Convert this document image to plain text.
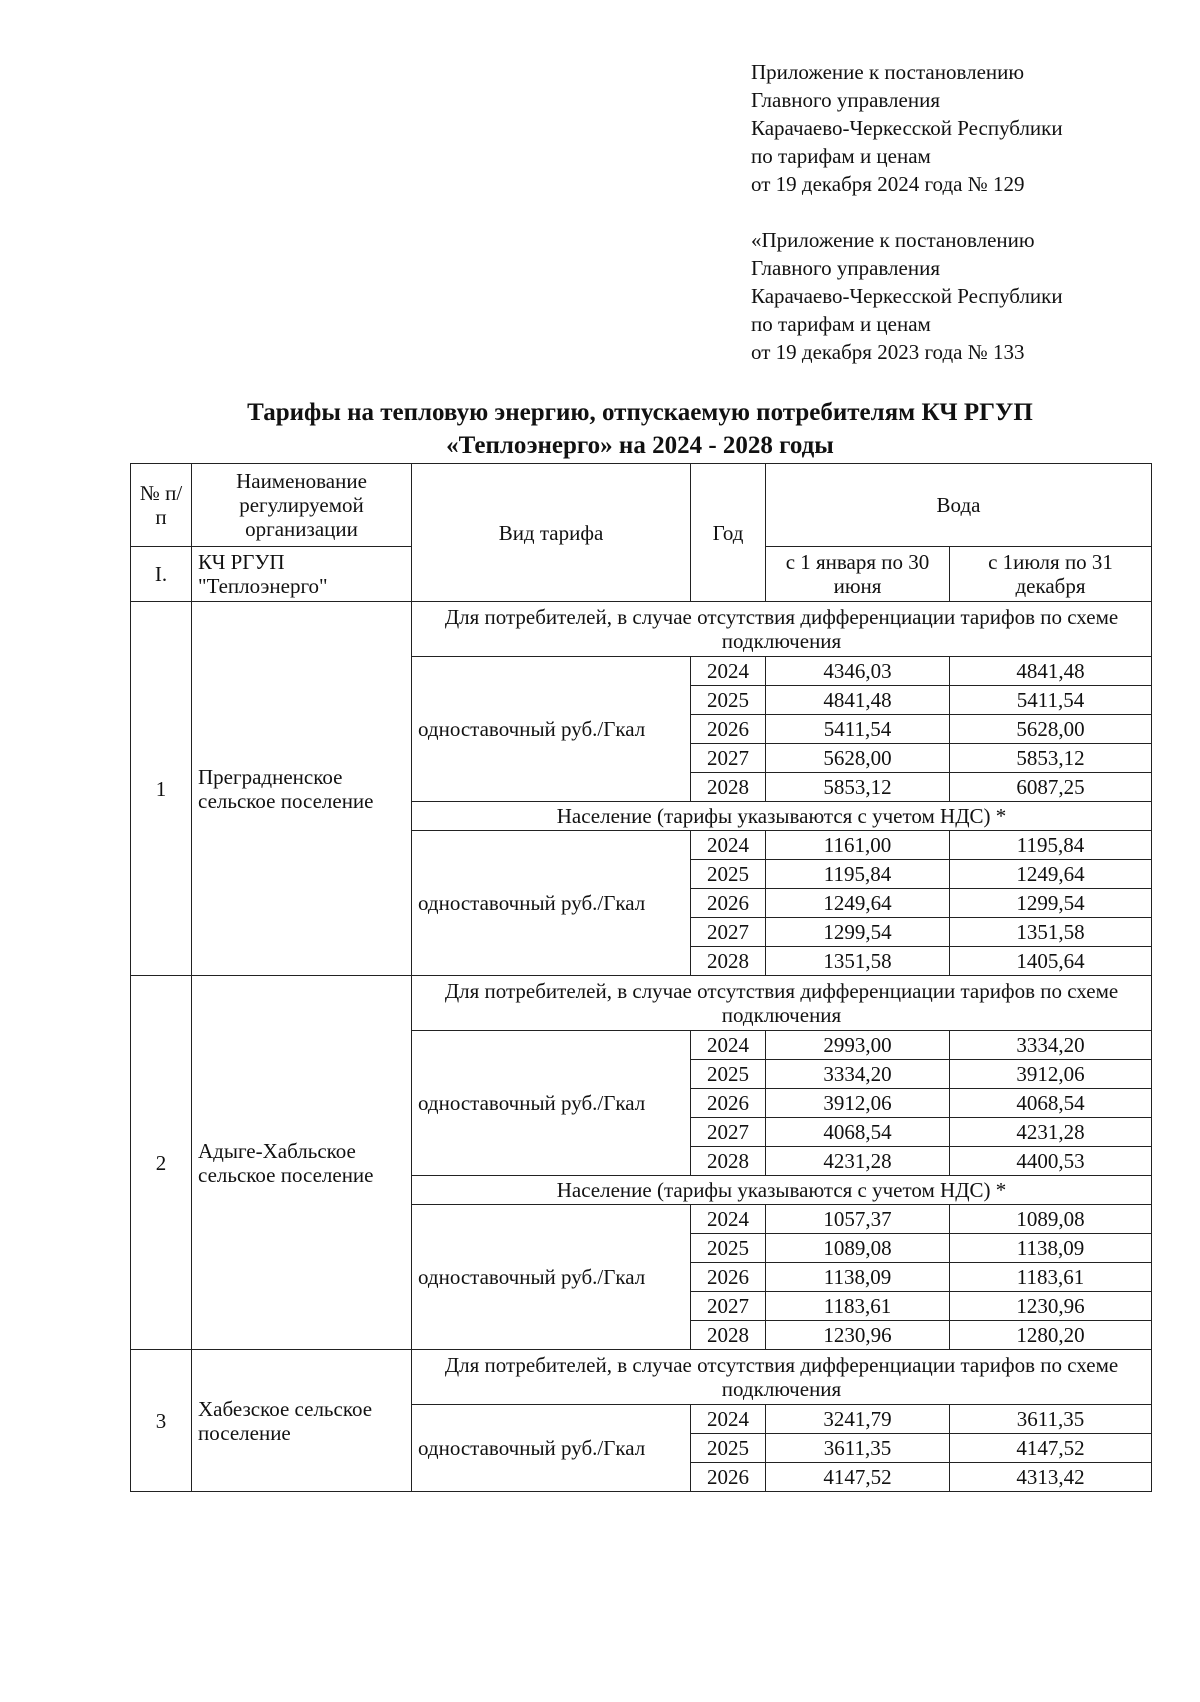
Приложение к постановлению
Главного управления
Карачаево-Черкесской Республики
по тарифам и ценам
от 19 декабря 2024 года № 129
«Приложение к постановлению
Главного управления
Карачаево-Черкесской Республики
по тарифам и ценам
от 19 декабря 2023 года № 133
Тарифы на тепловую энергию, отпускаемую потребителям КЧ РГУП
«Теплоэнерго» на 2024 - 2028 годы
№ п/п	Наименование регулируемой организации	Вид тарифа	Год	Вода	
I.	КЧ РГУП "Теплоэнерго"			с 1 января по 30 июня	с 1июля по 31 декабря
1	Преградненское сельское поселение	Для потребителей, в случае отсутствия дифференциации тарифов по схеме подключения			
		одноставочный руб./Гкал	2024	4346,03	4841,48
			2025	4841,48	5411,54
			2026	5411,54	5628,00
			2027	5628,00	5853,12
			2028	5853,12	6087,25
		Население (тарифы указываются с учетом НДС) *			
		одноставочный руб./Гкал	2024	1161,00	1195,84
			2025	1195,84	1249,64
			2026	1249,64	1299,54
			2027	1299,54	1351,58
			2028	1351,58	1405,64
2	Адыге-Хабльское сельское поселение	Для потребителей, в случае отсутствия дифференциации тарифов по схеме подключения			
		одноставочный руб./Гкал	2024	2993,00	3334,20
			2025	3334,20	3912,06
			2026	3912,06	4068,54
			2027	4068,54	4231,28
			2028	4231,28	4400,53
		Население (тарифы указываются с учетом НДС) *			
		одноставочный руб./Гкал	2024	1057,37	1089,08
			2025	1089,08	1138,09
			2026	1138,09	1183,61
			2027	1183,61	1230,96
			2028	1230,96	1280,20
3	Хабезское сельское поселение	Для потребителей, в случае отсутствия дифференциации тарифов по схеме подключения			
		одноставочный руб./Гкал	2024	3241,79	3611,35
			2025	3611,35	4147,52
			2026	4147,52	4313,42
